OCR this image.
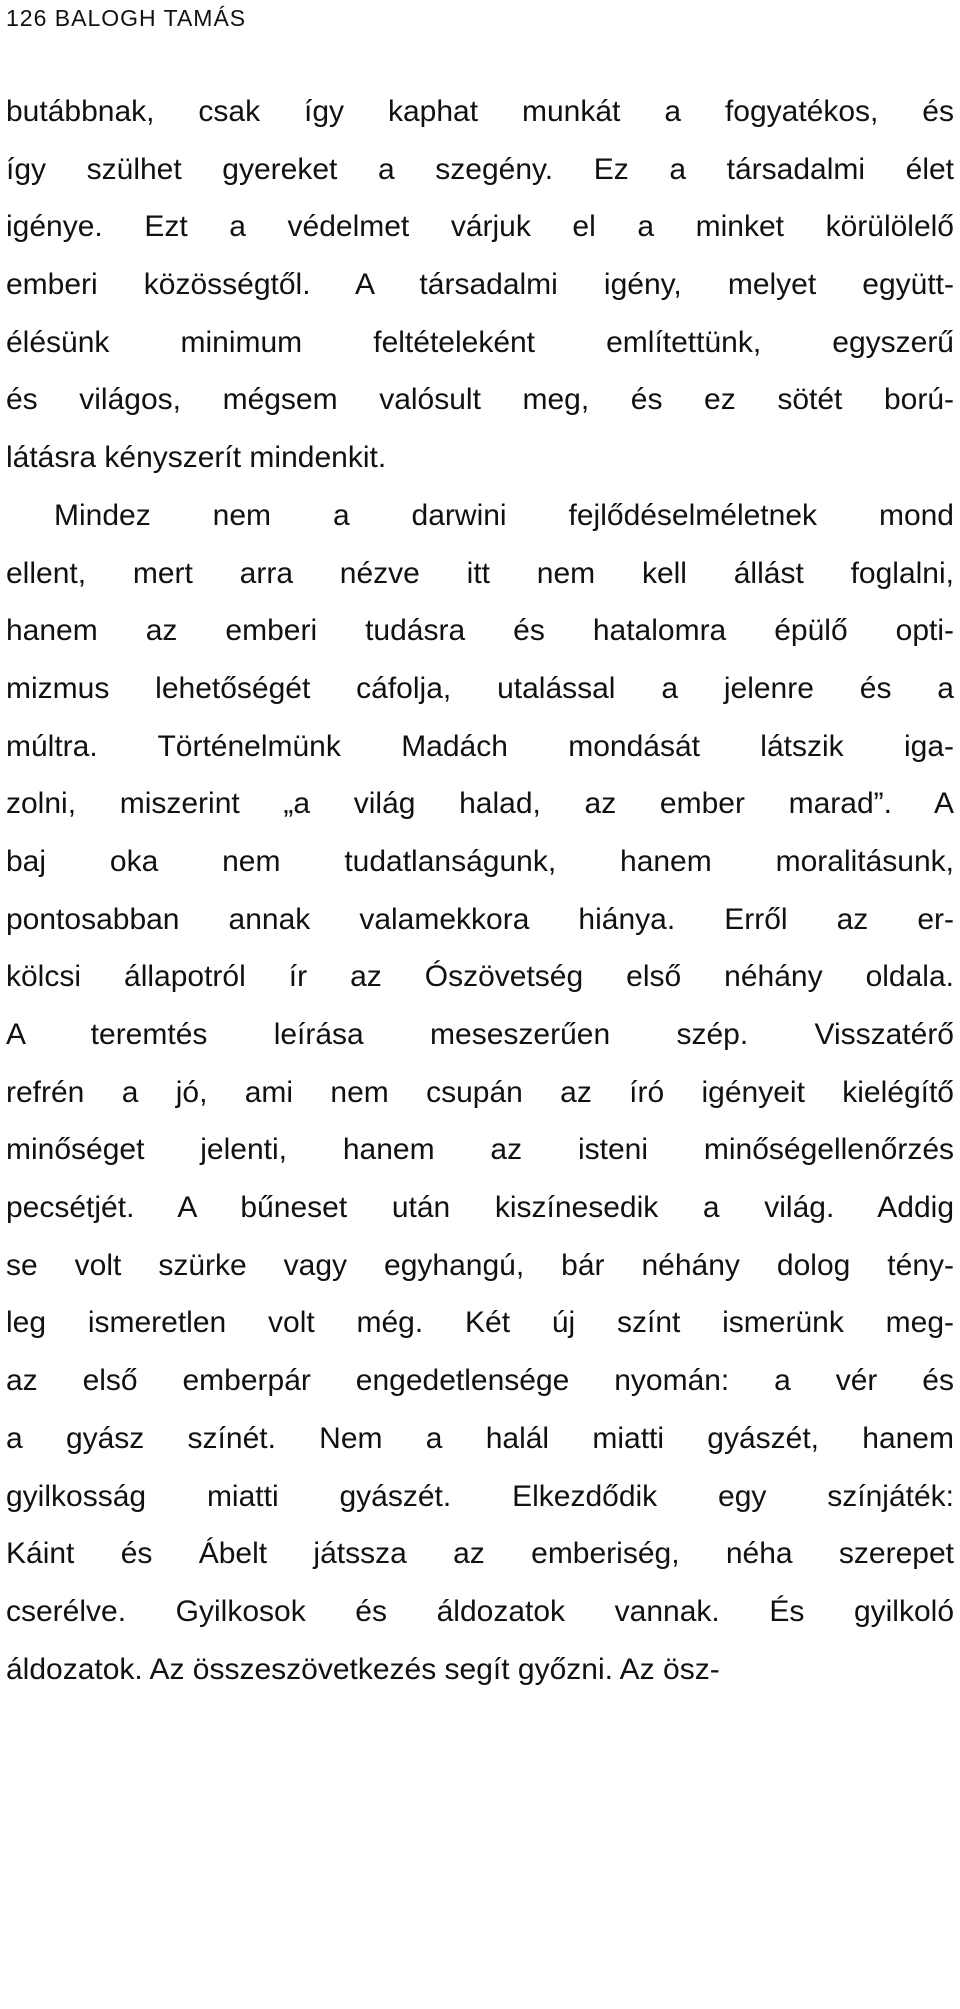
126 BALOGH TAMÁS
butábbnak, csak így kaphat munkát a fogyatékos, és
így szülhet gyereket a szegény. Ez a társadalmi élet
igénye. Ezt a védelmet várjuk el a minket körülölelő
emberi közösségtől. A társadalmi igény, melyet együtt-
élésünk minimum feltételeként említettünk, egyszerű
és világos, mégsem valósult meg, és ez sötét ború-
látásra kényszerít mindenkit.
Mindez nem a darwini fejlődéselméletnek mond
ellent, mert arra nézve itt nem kell állást foglalni,
hanem az emberi tudásra és hatalomra épülő opti-
mizmus lehetőségét cáfolja, utalással a jelenre és a
múltra. Történelmünk Madách mondását látszik iga-
zolni, miszerint „a világ halad, az ember marad”. A
baj oka nem tudatlanságunk, hanem moralitásunk,
pontosabban annak valamekkora hiánya. Erről az er-
kölcsi állapotról ír az Ószövetség első néhány oldala.
A teremtés leírása meseszerűen szép. Visszatérő
refrén a jó, ami nem csupán az író igényeit kielégítő
minőséget jelenti, hanem az isteni minőségellenőrzés
pecsétjét. A bűneset után kiszínesedik a világ. Addig
se volt szürke vagy egyhangú, bár néhány dolog tény-
leg ismeretlen volt még. Két új színt ismerünk meg-
az első emberpár engedetlensége nyomán: a vér és
a gyász színét. Nem a halál miatti gyászét, hanem
gyilkosság miatti gyászét. Elkezdődik egy színjáték:
Káint és Ábelt játssza az emberiség, néha szerepet
cserélve. Gyilkosok és áldozatok vannak. És gyilkoló
áldozatok. Az összeszövetkezés segít győzni. Az ösz-
